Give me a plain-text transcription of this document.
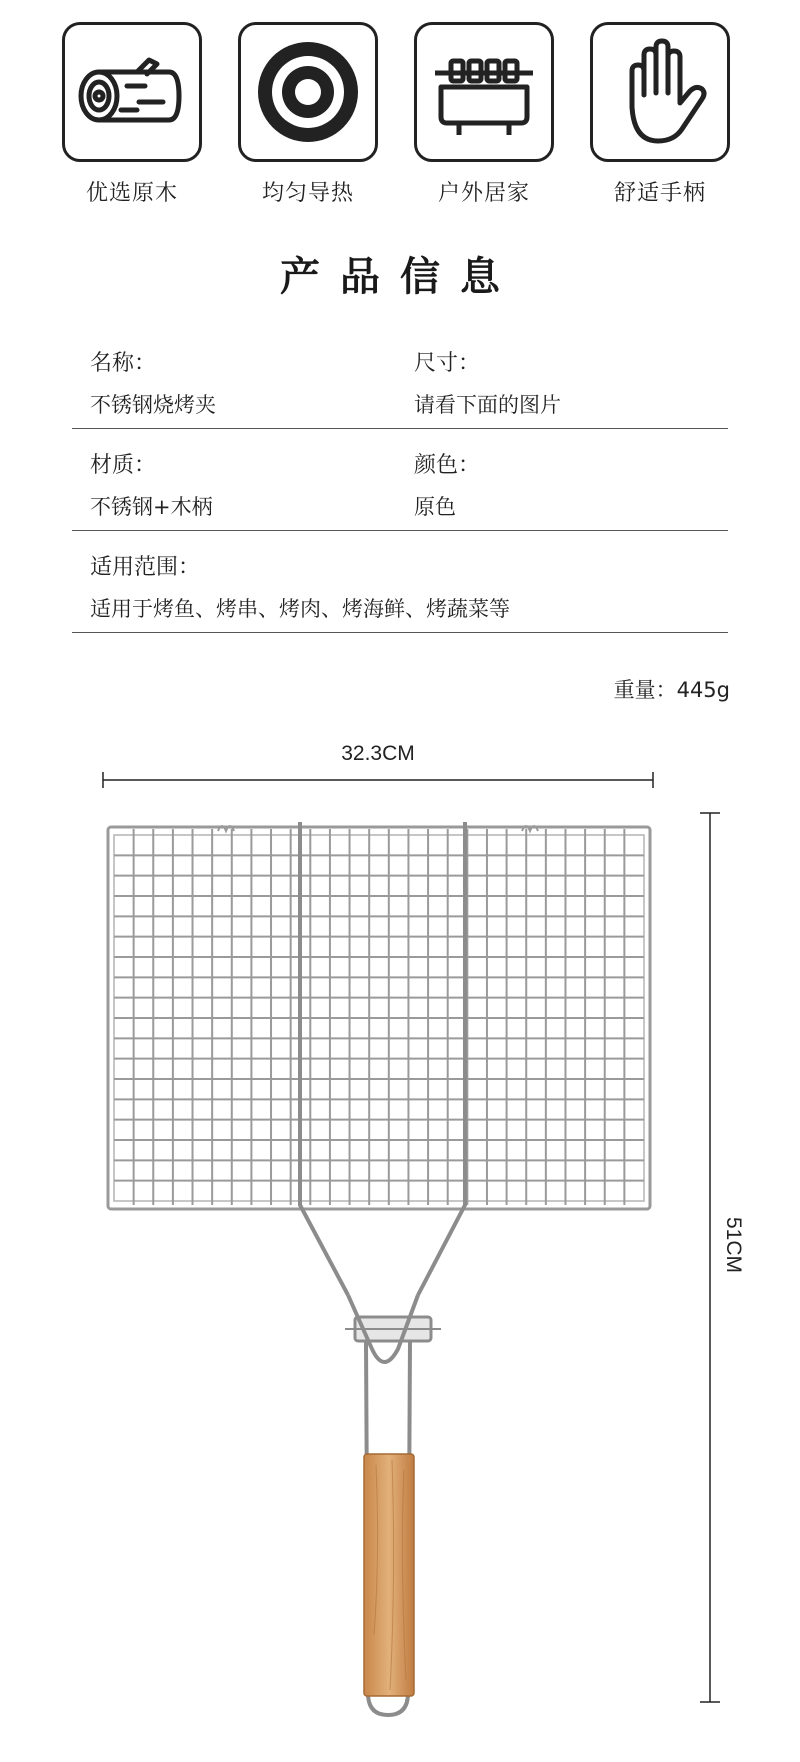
优选原木	均匀导热	户外居家	舒适手柄
产品信息
名称：
不锈钢烧烤夹
尺寸：
请看下面的图片
材质：
不锈钢+木柄
颜色：
原色
适用范围：
适用于烤鱼、烤串、烤肉、烤海鲜、烤蔬菜等
重量：445g
32.3CM
51CM
